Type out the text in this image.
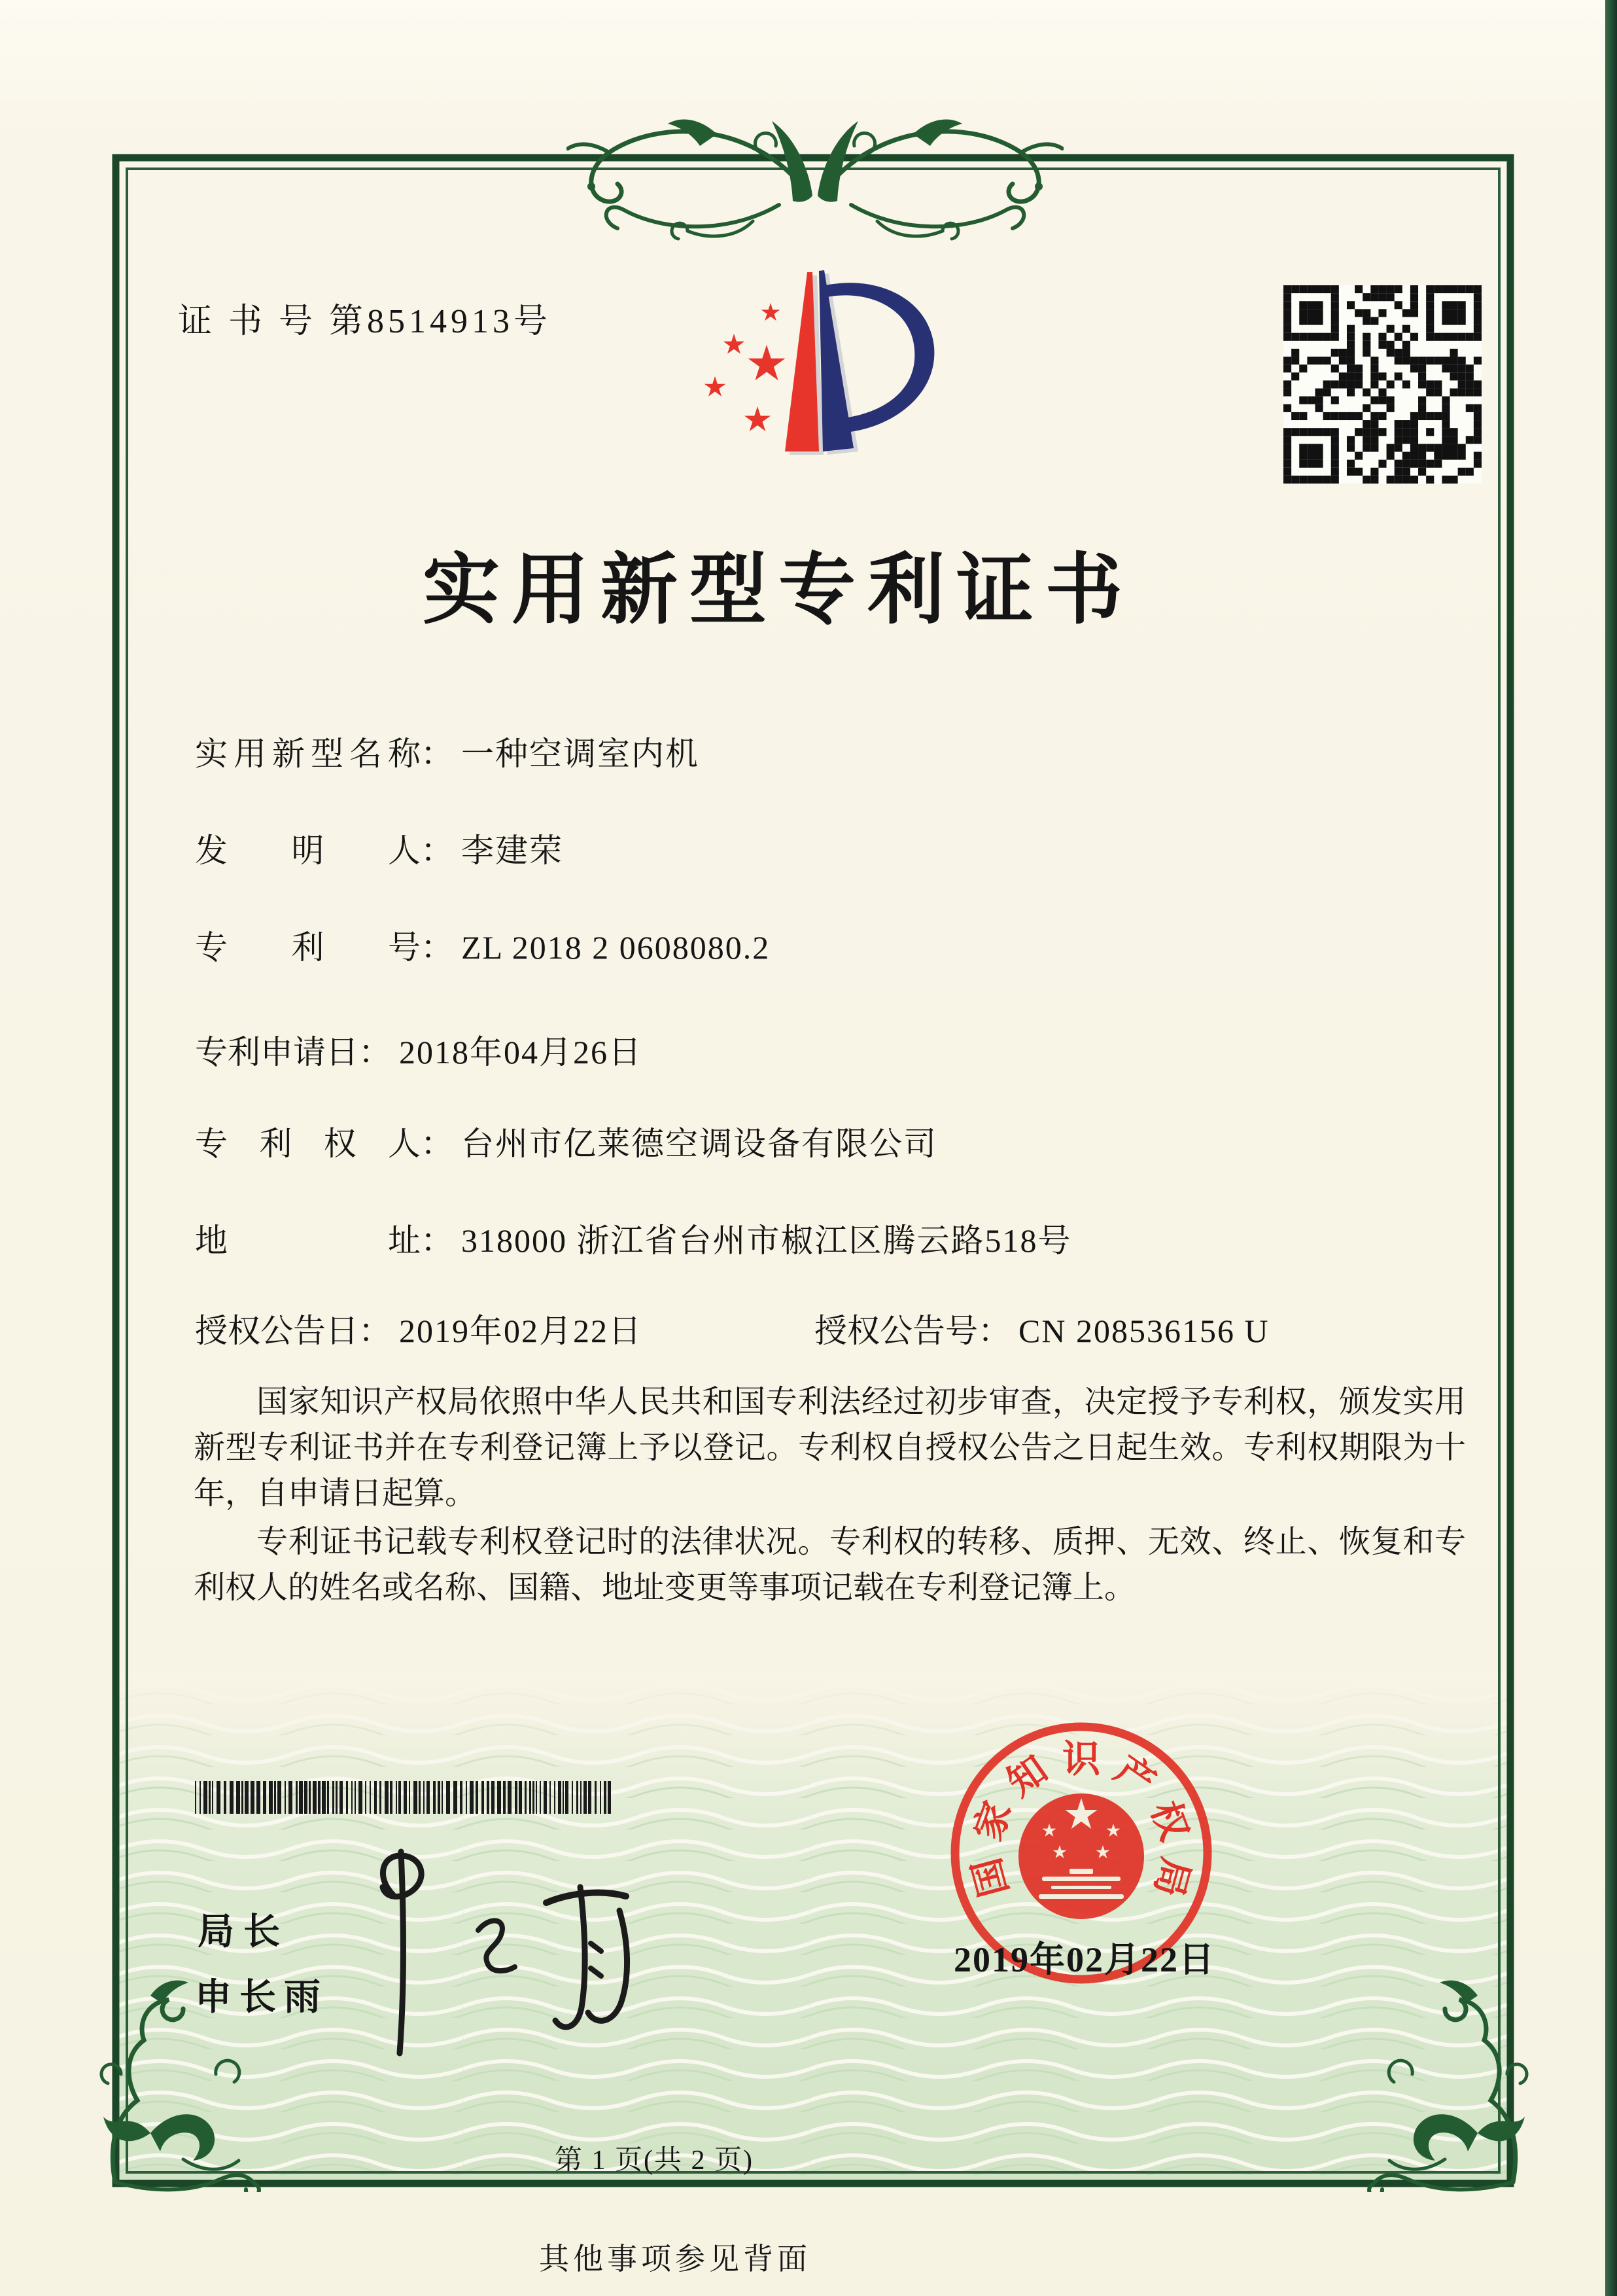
证 书 号 第8514913号
实用新型专利证书
实用新型名称： 一种空调室内机
发明人： 李建荣
专利号： ZL 2018 2 0608080.2
专利申请日： 2018年04月26日
专利权人： 台州市亿莱德空调设备有限公司
地址： 318000 浙江省台州市椒江区腾云路518号
授权公告日： 2019年02月22日	授权公告号： CN 208536156 U

国家知识产权局依照中华人民共和国专利法经过初步审查，决定授予专利权，颁发实用新型专利证书并在专利登记簿上予以登记。专利权自授权公告之日起生效。专利权期限为十年，自申请日起算。

专利证书记载专利权登记时的法律状况。专利权的转移、质押、无效、终止、恢复和专利权人的姓名或名称、国籍、地址变更等事项记载在专利登记簿上。

局长
申长雨
国
家
知 识 产
权
局
2019年02月22日
第 1 页(共 2 页)
其他事项参见背面
